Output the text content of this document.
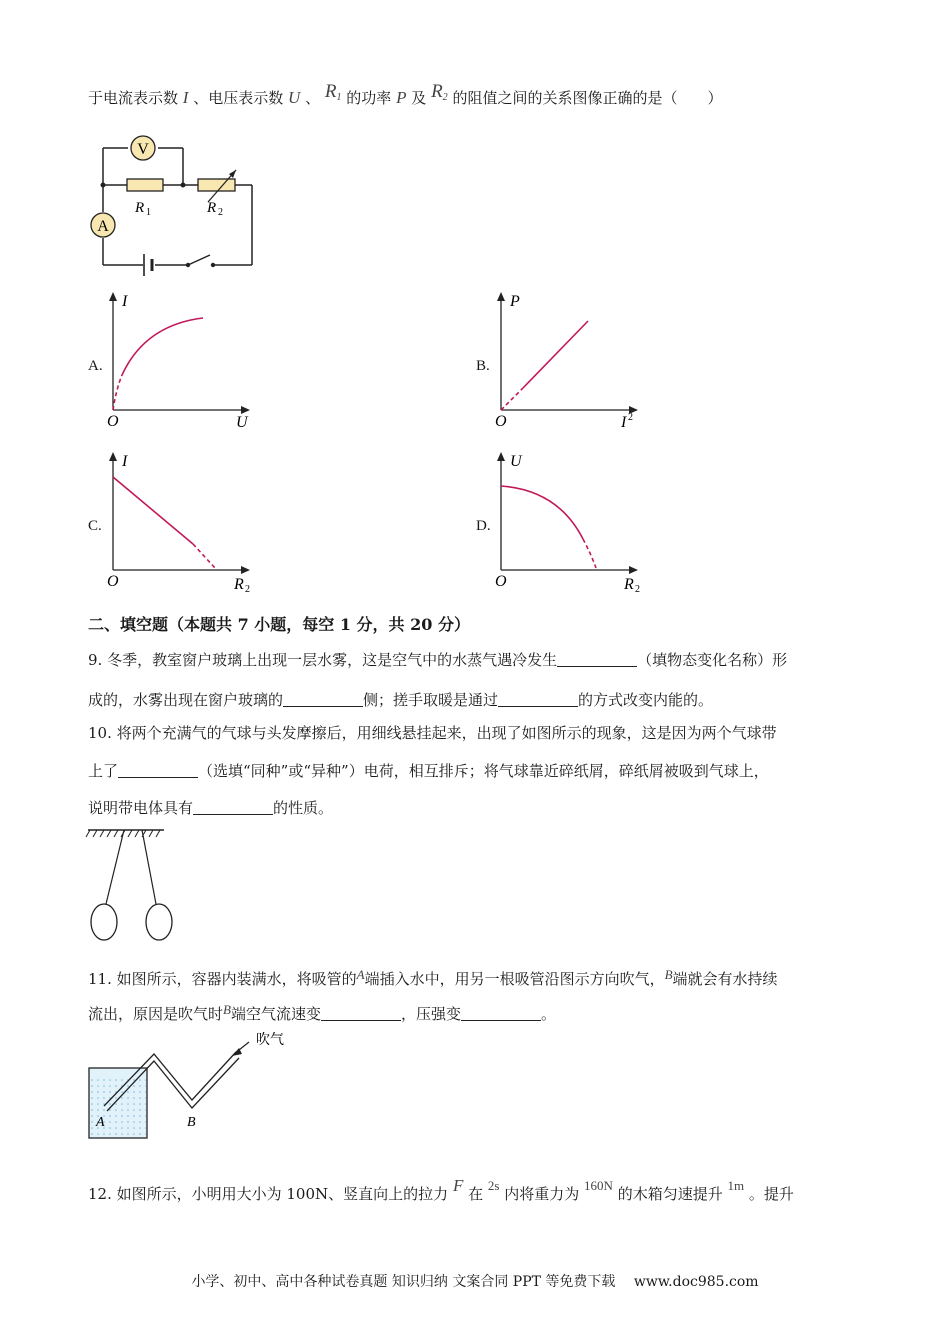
于电流表示数 I 、电压表示数 U 、 $R_1$ 的功率 P 及 $R_2$ 的阻值之间的关系图像正确的是（　　）
V
A
R 1	R 2
A.
I
O	U
B.
P
O	I 2
C.
I
O	R 2
D.
U
O	R 2
二、填空题（本题共 7 小题，每空 1 分，共 20 分）
9. 冬季，教室窗户玻璃上出现一层水雾，这是空气中的水蒸气遇冷发生	（填物态变化名称）形
成的，水雾出现在窗户玻璃的	侧；搓手取暖是通过	的方式改变内能的。
10. 将两个充满气的气球与头发摩擦后，用细线悬挂起来，出现了如图所示的现象，这是因为两个气球带
上了	（选填“同种”或“异种”）电荷，相互排斥；将气球靠近碎纸屑，碎纸屑被吸到气球上，
说明带电体具有	的性质。
11. 如图所示，容器内装满水，将吸管的A端插入水中，用另一根吸管沿图示方向吹气，B端就会有水持续
流出，原因是吹气时B端空气流速变	，压强变	。
吹气
A	B
12. 如图所示，小明用大小为 100N、竖直向上的拉力 F 在 2s 内将重力为 160N 的木箱匀速提升 1m 。提升
小学、初中、高中各种试卷真题 知识归纳 文案合同 PPT 等免费下载 www.doc985.com
